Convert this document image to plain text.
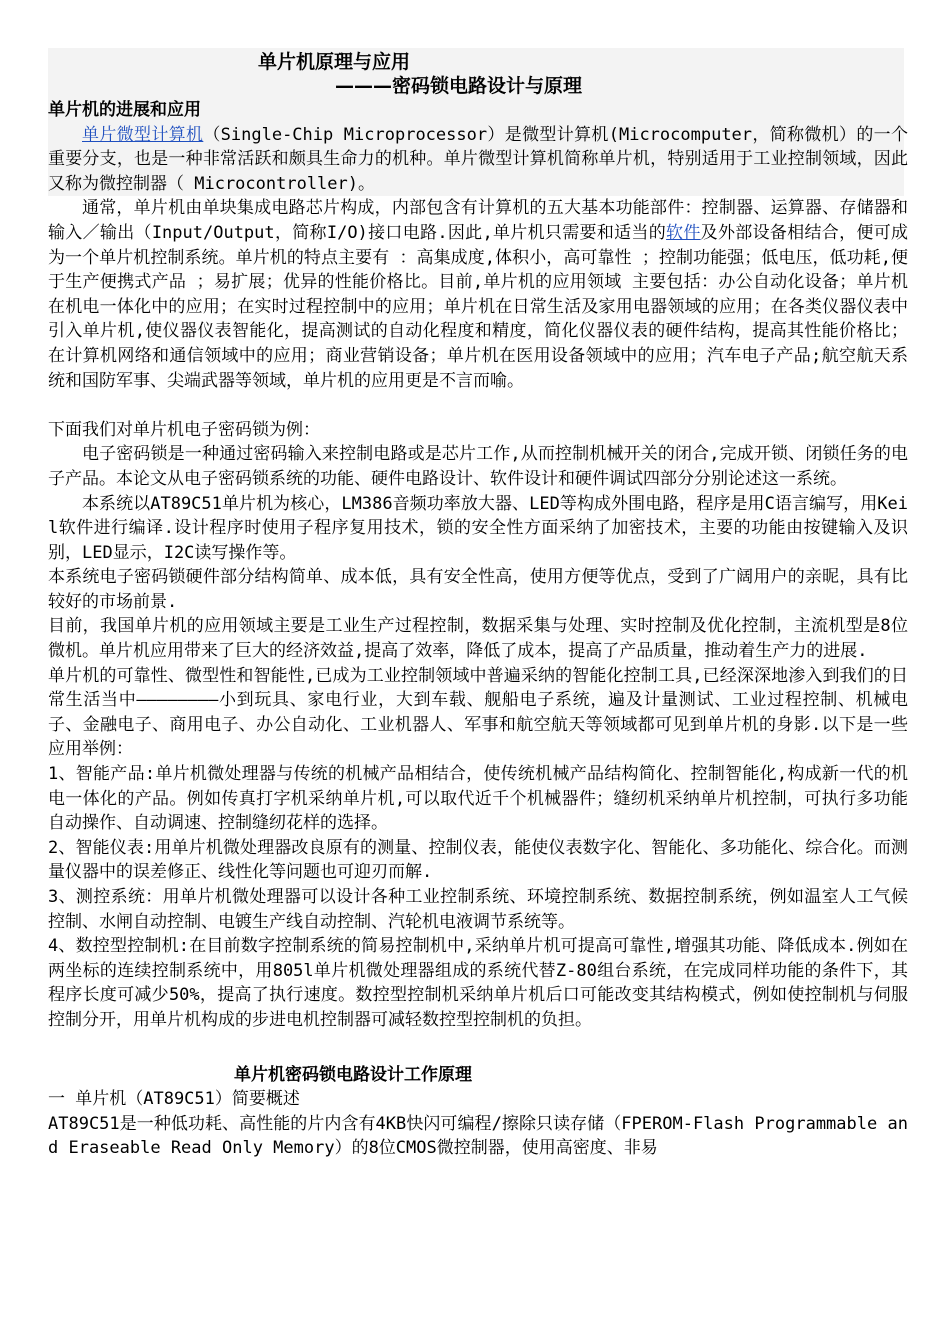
单片机原理与应用
———密码锁电路设计与原理
单片机的进展和应用

单片微型计算机（Single-Chip Microprocessor）是微型计算机(Microcomputer，简称微机）的一个重要分支，也是一种非常活跃和颇具生命力的机种。单片微型计算机简称单片机，特别适用于工业控制领域，因此又称为微控制器（ Microcontroller)。

通常，单片机由单块集成电路芯片构成，内部包含有计算机的五大基本功能部件：控制器、运算器、存储器和输入／输出（Input/Output，简称I/O)接口电路.因此,单片机只需要和适当的软件及外部设备相结合，便可成为一个单片机控制系统。单片机的特点主要有 ：高集成度,体积小，高可靠性 ；控制功能强；低电压，低功耗,便于生产便携式产品 ；易扩展；优异的性能价格比。目前,单片机的应用领域 主要包括：办公自动化设备；单片机在机电一体化中的应用；在实时过程控制中的应用；单片机在日常生活及家用电器领域的应用；在各类仪器仪表中引入单片机,使仪器仪表智能化，提高测试的自动化程度和精度，简化仪器仪表的硬件结构，提高其性能价格比；在计算机网络和通信领域中的应用；商业营销设备；单片机在医用设备领域中的应用；汽车电子产品;航空航天系统和国防军事、尖端武器等领域，单片机的应用更是不言而喻。

下面我们对单片机电子密码锁为例：

电子密码锁是一种通过密码输入来控制电路或是芯片工作,从而控制机械开关的闭合,完成开锁、闭锁任务的电子产品。本论文从电子密码锁系统的功能、硬件电路设计、软件设计和硬件调试四部分分别论述这一系统。

本系统以AT89C51单片机为核心，LM386音频功率放大器、LED等构成外围电路，程序是用C语言编写，用Keil软件进行编译.设计程序时使用子程序复用技术，锁的安全性方面采纳了加密技术，主要的功能由按键输入及识别，LED显示，I2C读写操作等。

本系统电子密码锁硬件部分结构简单、成本低，具有安全性高，使用方便等优点，受到了广阔用户的亲昵，具有比较好的市场前景.

目前，我国单片机的应用领域主要是工业生产过程控制，数据采集与处理、实时控制及优化控制，主流机型是8位微机。单片机应用带来了巨大的经济效益,提高了效率，降低了成本，提高了产品质量，推动着生产力的进展.

单片机的可靠性、微型性和智能性,已成为工业控制领域中普遍采纳的智能化控制工具,已经深深地渗入到我们的日常生活当中————————小到玩具、家电行业，大到车载、舰船电子系统，遍及计量测试、工业过程控制、机械电子、金融电子、商用电子、办公自动化、工业机器人、军事和航空航天等领域都可见到单片机的身影.以下是一些应用举例：

1、智能产品:单片机微处理器与传统的机械产品相结合，使传统机械产品结构简化、控制智能化,构成新一代的机电一体化的产品。例如传真打字机采纳单片机,可以取代近千个机械器件；缝纫机采纳单片机控制，可执行多功能自动操作、自动调速、控制缝纫花样的选择。

2、智能仪表:用单片机微处理器改良原有的测量、控制仪表，能使仪表数字化、智能化、多功能化、综合化。而测量仪器中的误差修正、线性化等问题也可迎刃而解.

3、测控系统：用单片机微处理器可以设计各种工业控制系统、环境控制系统、数据控制系统，例如温室人工气候控制、水闸自动控制、电镀生产线自动控制、汽轮机电液调节系统等。

4、数控型控制机:在目前数字控制系统的简易控制机中,采纳单片机可提高可靠性,增强其功能、降低成本.例如在两坐标的连续控制系统中，用805l单片机微处理器组成的系统代替Z-80组台系统，在完成同样功能的条件下，其程序长度可减少50%，提高了执行速度。数控型控制机采纳单片机后口可能改变其结构模式，例如使控制机与伺服控制分开，用单片机构成的步进电机控制器可减轻数控型控制机的负担。

单片机密码锁电路设计工作原理

一 单片机（AT89C51）简要概述

AT89C51是一种低功耗、高性能的片内含有4KB快闪可编程/擦除只读存储（FPEROM-Flash Programmable and Eraseable Read Only Memory）的8位CMOS微控制器，使用高密度、非易
